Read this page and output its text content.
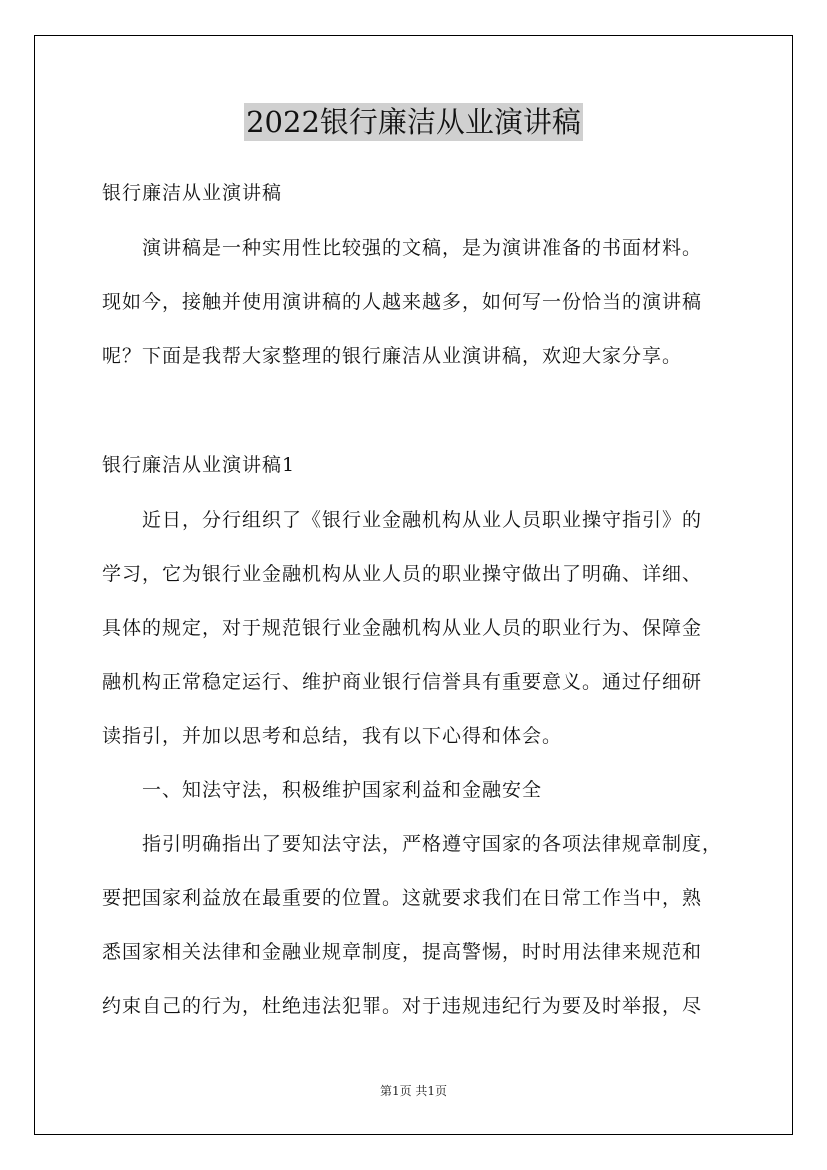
2022银行廉洁从业演讲稿
银行廉洁从业演讲稿
演讲稿是一种实用性比较强的文稿，是为演讲准备的书面材料。
现如今，接触并使用演讲稿的人越来越多，如何写一份恰当的演讲稿
呢？下面是我帮大家整理的银行廉洁从业演讲稿，欢迎大家分享。
银行廉洁从业演讲稿1
近日，分行组织了《银行业金融机构从业人员职业操守指引》的
学习，它为银行业金融机构从业人员的职业操守做出了明确、详细、
具体的规定，对于规范银行业金融机构从业人员的职业行为、保障金
融机构正常稳定运行、维护商业银行信誉具有重要意义。通过仔细研
读指引，并加以思考和总结，我有以下心得和体会。
一、知法守法，积极维护国家利益和金融安全
指引明确指出了要知法守法，严格遵守国家的各项法律规章制度，
要把国家利益放在最重要的位置。这就要求我们在日常工作当中，熟
悉国家相关法律和金融业规章制度，提高警惕，时时用法律来规范和
约束自己的行为，杜绝违法犯罪。对于违规违纪行为要及时举报，尽
第1页 共1页
